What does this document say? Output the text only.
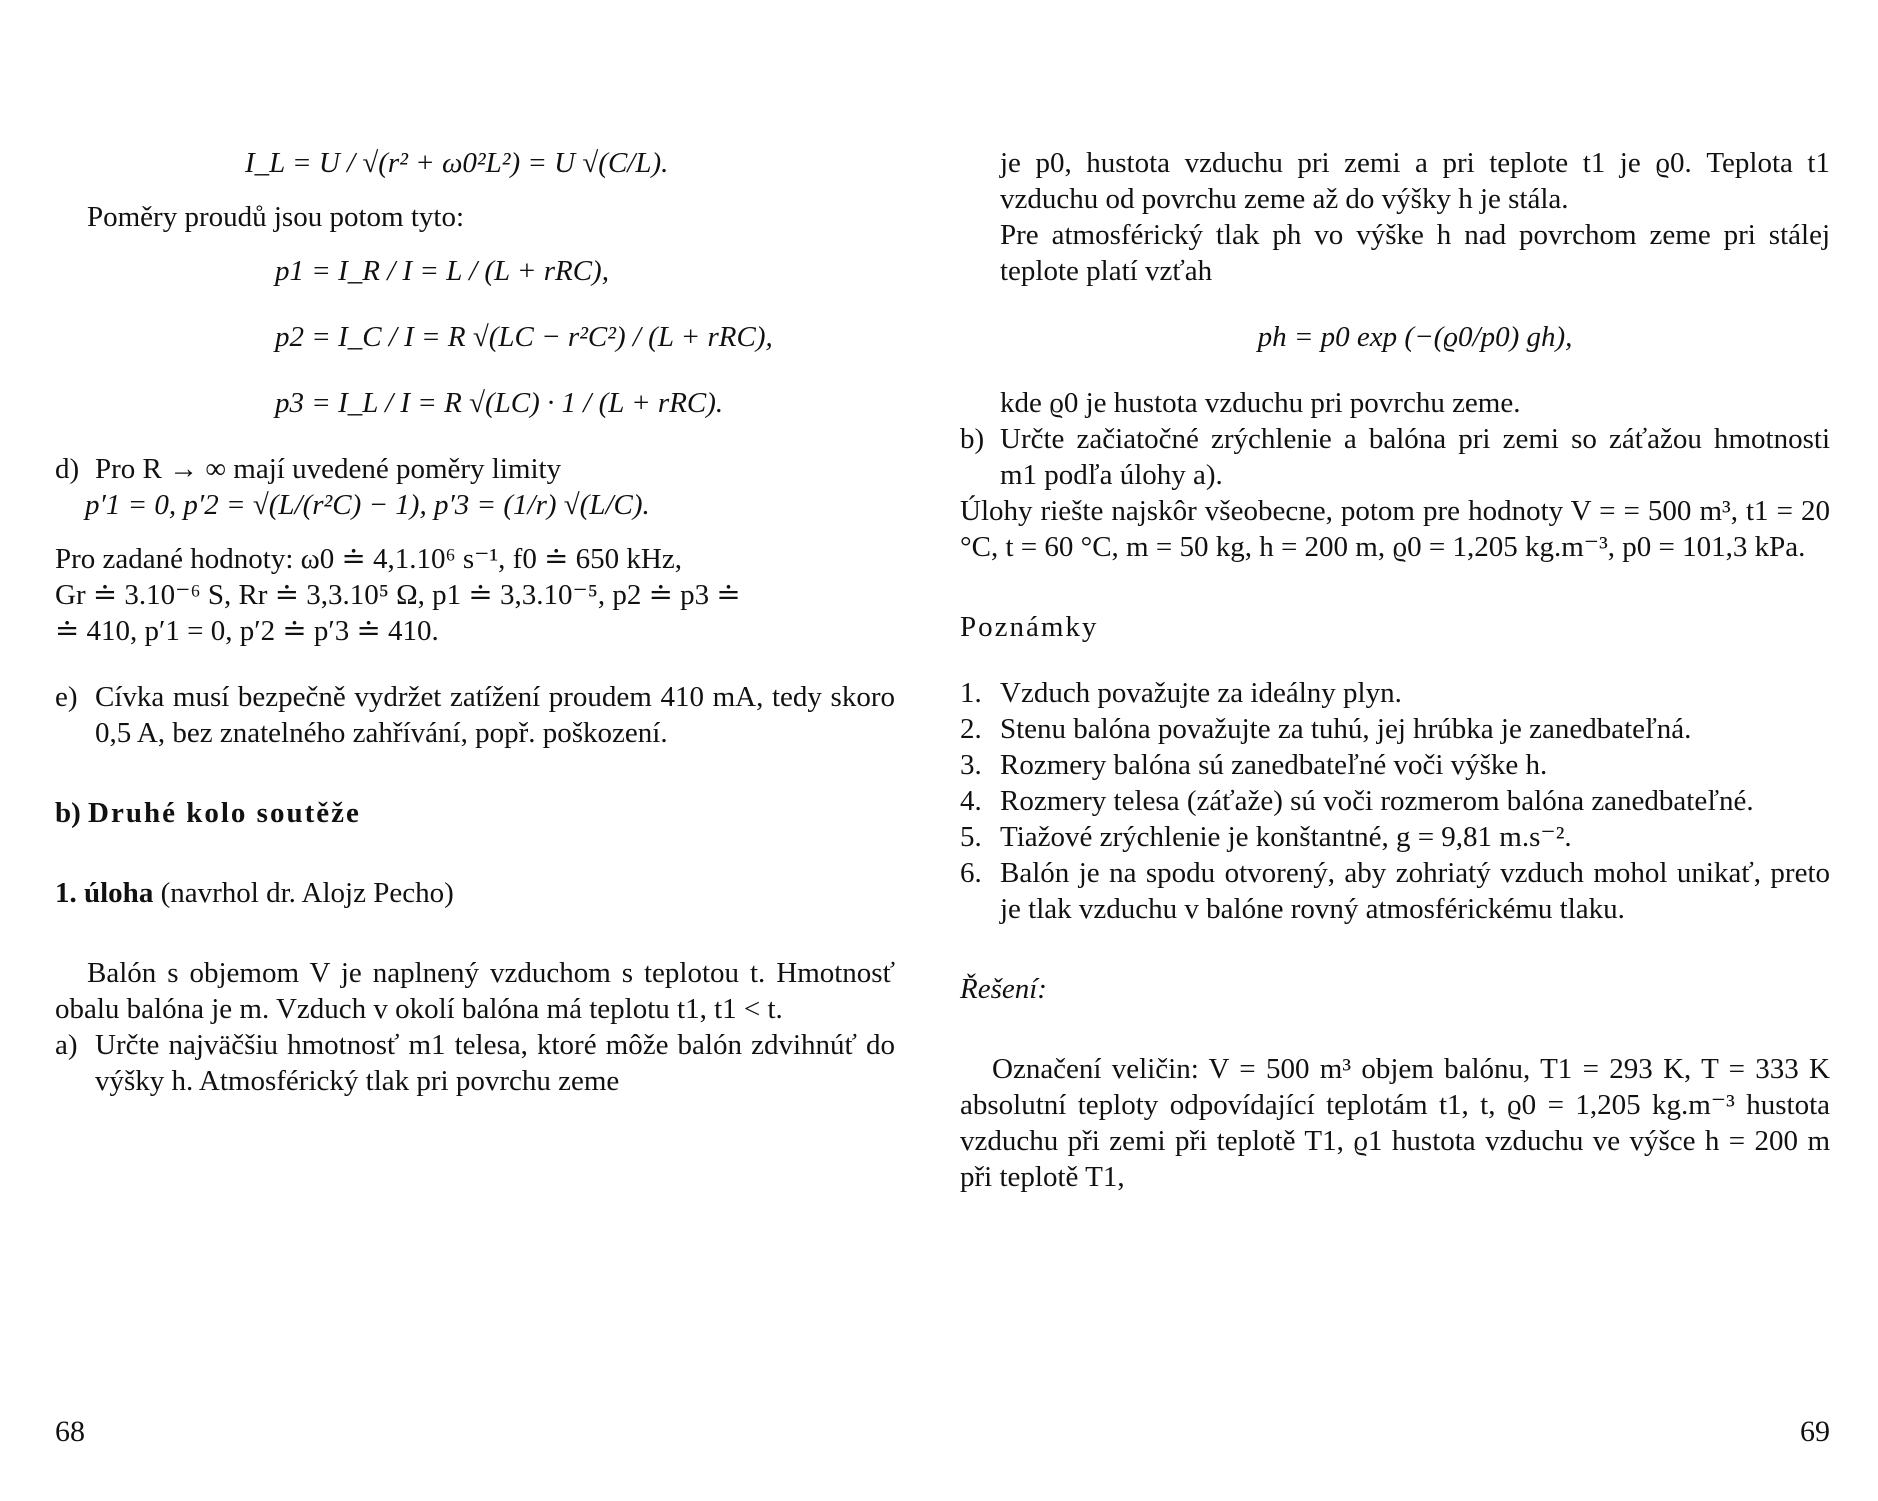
I_L = U / √(r² + ω0²L²) = U √(C/L).

Poměry proudů jsou potom tyto:

p1 = I_R / I = L / (L + rRC),

p2 = I_C / I = R √(LC − r²C²) / (L + rRC),

p3 = I_L / I = R √(LC) · 1 / (L + rRC).

d) Pro R → ∞ mají uvedené poměry limity

p′1 = 0, p′2 = √(L/(r²C) − 1), p′3 = (1/r) √(L/C).

Pro zadané hodnoty: ω0 ≐ 4,1.10⁶ s⁻¹, f0 ≐ 650 kHz,

Gr ≐ 3.10⁻⁶ S, Rr ≐ 3,3.10⁵ Ω, p1 ≐ 3,3.10⁻⁵, p2 ≐ p3 ≐

≐ 410, p′1 = 0, p′2 ≐ p′3 ≐ 410.

e) Cívka musí bezpečně vydržet zatížení proudem 410 mA, tedy skoro 0,5 A, bez znatelného zahřívání, popř. poškození.

b) Druhé kolo soutěže

1. úloha (navrhol dr. Alojz Pecho)

Balón s objemom V je naplnený vzduchom s teplotou t. Hmotnosť obalu balóna je m. Vzduch v okolí balóna má teplotu t1, t1 < t.

a) Určte najväčšiu hmotnosť m1 telesa, ktoré môže balón zdvihnúť do výšky h. Atmosférický tlak pri povrchu zeme
68

je p0, hustota vzduchu pri zemi a pri teplote t1 je ϱ0. Teplota t1 vzduchu od povrchu zeme až do výšky h je stála.

Pre atmosférický tlak ph vo výške h nad povrchom zeme pri stálej teplote platí vzťah

ph = p0 exp (−(ϱ0/p0) gh),

kde ϱ0 je hustota vzduchu pri povrchu zeme.

b) Určte začiatočné zrýchlenie a balóna pri zemi so záťažou hmotnosti m1 podľa úlohy a).

Úlohy riešte najskôr všeobecne, potom pre hodnoty V = = 500 m³, t1 = 20 °C, t = 60 °C, m = 50 kg, h = 200 m, ϱ0 = 1,205 kg.m⁻³, p0 = 101,3 kPa.

Poznámky

1. Vzduch považujte za ideálny plyn.
2. Stenu balóna považujte za tuhú, jej hrúbka je zanedbateľná.
3. Rozmery balóna sú zanedbateľné voči výške h.
4. Rozmery telesa (záťaže) sú voči rozmerom balóna zanedbateľné.
5. Tiažové zrýchlenie je konštantné, g = 9,81 m.s⁻².
6. Balón je na spodu otvorený, aby zohriatý vzduch mohol unikať, preto je tlak vzduchu v balóne rovný atmosférickému tlaku.

Řešení:

Označení veličin: V = 500 m³ objem balónu, T1 = 293 K, T = 333 K absolutní teploty odpovídající teplotám t1, t, ϱ0 = 1,205 kg.m⁻³ hustota vzduchu při zemi při teplotě T1, ϱ1 hustota vzduchu ve výšce h = 200 m při teplotě T1,

69
